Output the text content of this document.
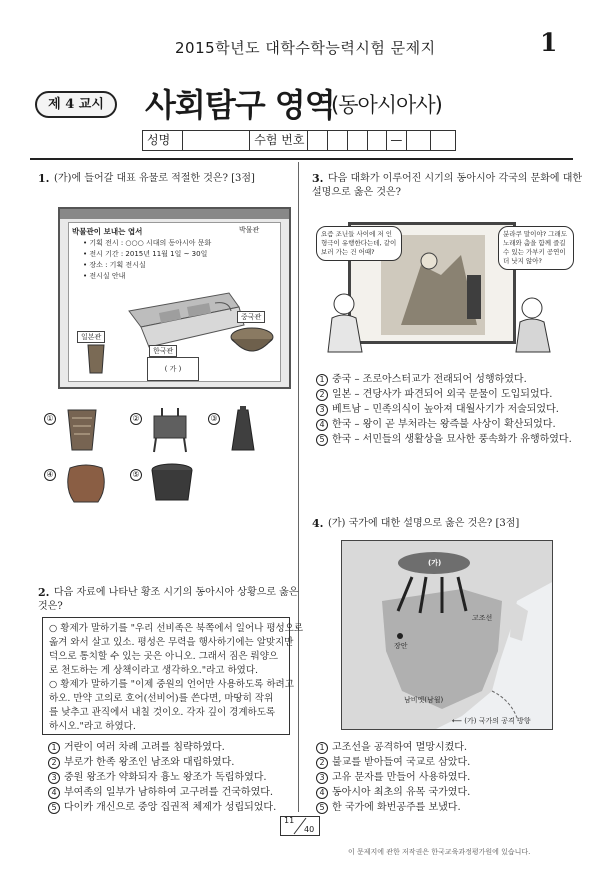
2015학년도 대학수학능력시험 문제지	1
제 4 교시	사회탐구 영역
(동아시아사)
성명	수험 번호	—
1. (가)에 들어갈 대표 유물로 적절한 것은? [3점]
박물관이 보내는 엽서	박물관
• 기획 전시 : ○○○ 시대의 동아시아 문화
• 전시 기간 : 2015년 11월 1일 ~ 30일
• 장소 : 기획 전시실
• 전시실 안내
일본관
중국관
한국관
( 가 )
①	②	③
④	⑤
2. 다음 자료에 나타난 황조 시기의 동아시아 상황으로 옳은
것은?
○ 황제가 말하기를 "우리 선비족은 북쪽에서 일어나 평성으로
옮겨 와서 살고 있소. 평성은 무력을 행사하기에는 알맞지만
덕으로 통치할 수 있는 곳은 아니오. 그래서 짐은 뤄양으
로 천도하는 게 상책이라고 생각하오."라고 하였다.
○ 황제가 말하기를 "이제 중원의 언어만 사용하도록 하려고
하오. 만약 고의로 호어(선비어)를 쓴다면, 마땅히 작위
를 낮추고 관직에서 내칠 것이오. 각자 깊이 경계하도록
하시오."라고 하였다.
1 거란이 여러 차례 고려를 침략하였다.
2 부로가 한족 왕조인 남조와 대립하였다.
3 중원 왕조가 약화되자 흉노 왕조가 독립하였다.
4 부여족의 일부가 남하하여 고구려를 건국하였다.
5 다이카 개신으로 중앙 집권적 체제가 성립되었다.
3. 다음 대화가 이루어진 시기의 동아시아 각국의 문화에 대한
설명으로 옳은 것은?
요즘 조닌들 사이에 저 인형극이 유행한다는데, 같이 보러 가는 건 어때?
분라쿠 말이야? 그래도 노래와 춤을 함께 즐길 수 있는 가부키 공연이 더 낫지 않아?
1 중국 – 조로아스터교가 전래되어 성행하였다.
2 일본 – 견당사가 파견되어 외국 문물이 도입되었다.
3 베트남 – 민족의식이 높아져 대월사기가 저술되었다.
4 한국 – 왕이 곧 부처라는 왕즉불 사상이 확산되었다.
5 한국 – 서민들의 생활상을 묘사한 풍속화가 유행하였다.
4. (가) 국가에 대한 설명으로 옳은 것은? [3점]
(가)
고조선
장안
남비엣(남월)
⟵ (가) 국가의 공격 방향
1 고조선을 공격하여 멸망시켰다.
2 불교를 받아들여 국교로 삼았다.
3 고유 문자를 만들어 사용하였다.
4 동아시아 최초의 유목 국가였다.
5 한 국가에 화번공주를 보냈다.
11
40
이 문제지에 관한 저작권은 한국교육과정평가원에 있습니다.
